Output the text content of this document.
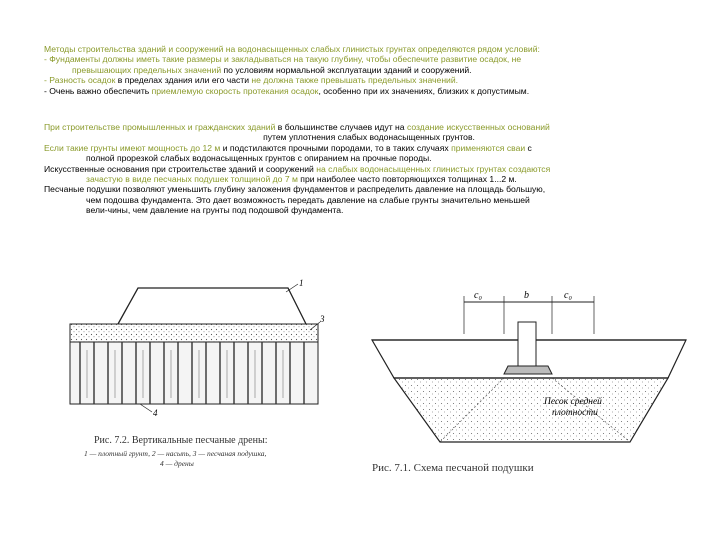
Методы строительства зданий и сооружений на водонасыщенных слабых глинистых грунтах определяются рядом условий:
- Фундаменты должны иметь такие размеры и закладываться на такую глубину, чтобы обеспечите развитие осадок, не
превышающих предельных значений по условиям нормальной эксплуатации зданий и сооружений.
- Разность осадок в пределах здания или его части не должна также превышать предельных значений.
- Очень важно обеспечить приемлемую скорость протекания осадок, особенно при их значениях, близких к допустимым.
При строительстве промышленных и гражданских зданий в большинстве случаев идут на создание искусственных оснований
путем уплотнения слабых водонасыщенных грунтов.
Если такие грунты имеют мощность до 12 м и подстилаются прочными породами, то в таких случаях применяются сваи с
полной прорезкой слабых водонасыщенных грунтов с опиранием на прочные породы.
Искусственные основания при строительстве зданий и сооружений на слабых водонасыщенных глинистых грунтах создаются
зачастую в виде песчаных подушек толщиной до 7 м при наиболее часто повторяющихся толщинах 1...2 м.
Песчаные подушки позволяют уменьшить глубину заложения фундаментов и распределить давление на площадь большую,
чем подошва фундамента. Это дает возможность передать давление на слабые грунты значительно меньшей
вели-чины, чем давление на грунты под подошвой фундамента.
1
3
4
Рис. 7.2. Вертикальные песчаные дрены:
1 — плотный грунт, 2 — насыпь, 3 — песчаная подушка,
4 — дрены
c₀	b	c₀
Песок средней
плотности
Рис. 7.1. Схема песчаной подушки
